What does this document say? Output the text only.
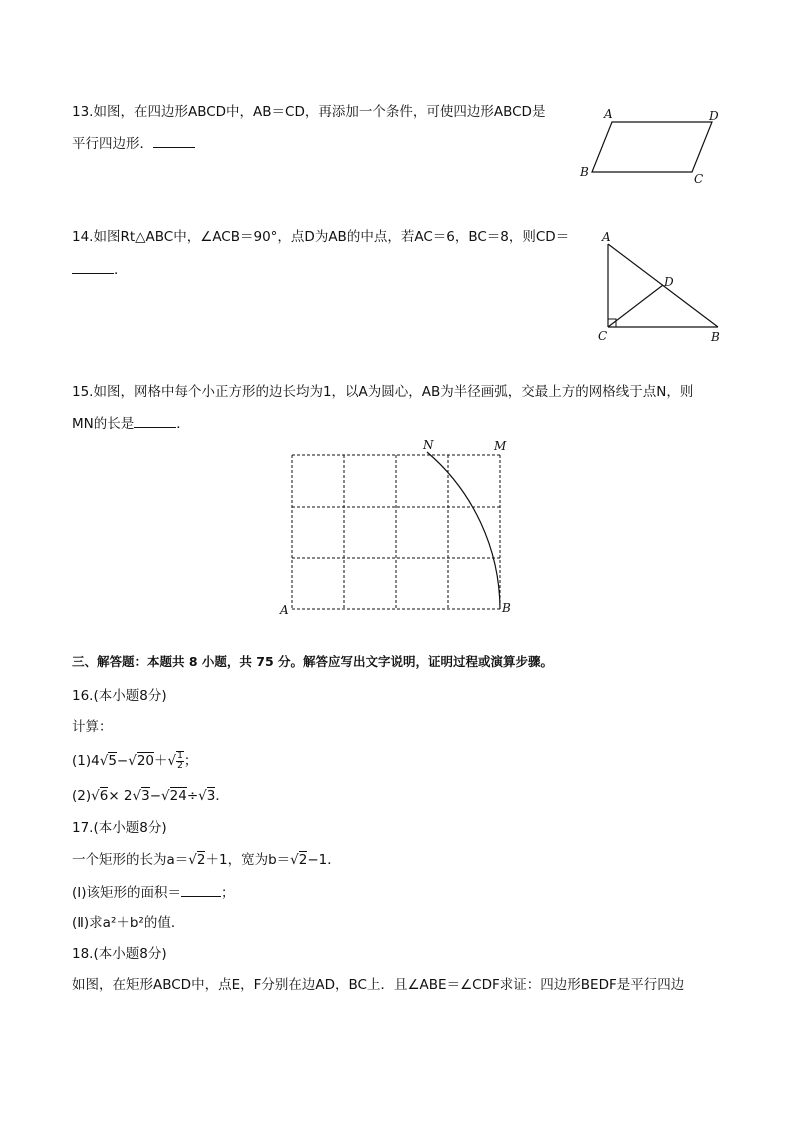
13.如图，在四边形ABCD中，AB＝CD，再添加一个条件，可使四边形ABCD是
平行四边形．
A	D
B	C
14.如图Rt△ABC中，∠ACB＝90°，点D为AB的中点，若AC＝6，BC＝8，则CD＝
．
A
D
C	B
15.如图，网格中每个小正方形的边长均为1，以A为圆心，AB为半径画弧，交最上方的网格线于点N，则
MN的长是	．
N	M
A	B
三、解答题：本题共 8 小题，共 75 分。解答应写出文字说明，证明过程或演算步骤。
16.(本小题8分)
计算：
$(1)4√5-√20+√ \frac{1}{2}$ ；
(2)√6× 2√3−√24÷√3．
17.(本小题8分)
一个矩形的长为a＝√2＋1，宽为b＝√2−1．
(Ⅰ)该矩形的面积＝	；
(Ⅱ)求a²＋b²的值．
18.(本小题8分)
如图，在矩形ABCD中，点E，F分别在边AD，BC上．且∠ABE＝∠CDF求证：四边形BEDF是平行四边
